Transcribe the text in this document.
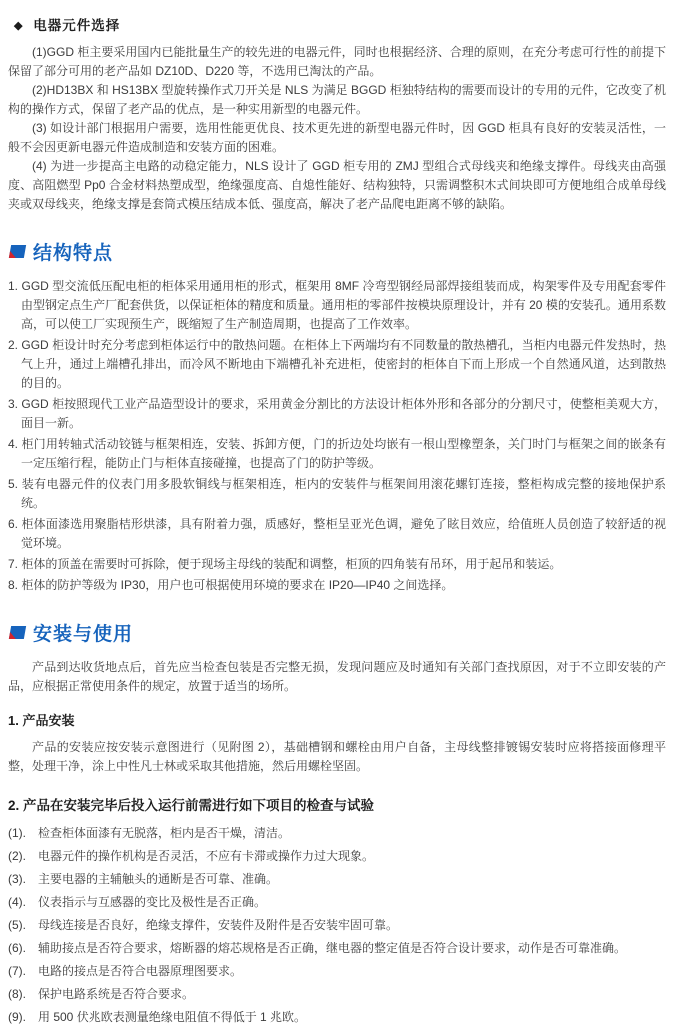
◆ 电器元件选择

(1)GGD 柜主要采用国内已能批量生产的较先进的电器元件，同时也根据经济、合理的原则，在充分考虑可行性的前提下保留了部分可用的老产品如 DZ10D、D220 等，不选用已淘汰的产品。

(2)HD13BX 和 HS13BX 型旋转操作式刀开关是 NLS 为满足 BGGD 柜独特结构的需要而设计的专用的元件，它改变了机构的操作方式，保留了老产品的优点，是一种实用新型的电器元件。

(3) 如设计部门根据用户需要，选用性能更优良、技术更先进的新型电器元件时，因 GGD 柜具有良好的安装灵活性，一般不会因更新电器元件造成制造和安装方面的困难。

(4) 为进一步提高主电路的动稳定能力，NLS 设计了 GGD 柜专用的 ZMJ 型组合式母线夹和绝缘支撑件。母线夹由高强度、高阻燃型 Pp0 合金材料热塑成型，绝缘强度高、自熄性能好、结构独特，只需调整积木式间块即可方便地组合成单母线夹或双母线夹，绝缘支撑是套筒式模压结成本低、强度高，解决了老产品爬电距离不够的缺陷。

结构特点

1. GGD 型交流低压配电柜的柜体采用通用柜的形式，框架用 8MF 冷弯型钢经局部焊接组装而成，构架零件及专用配套零件由型钢定点生产厂配套供货，以保证柜体的精度和质量。通用柜的零部件按模块原理设计，并有 20 模的安装孔。通用系数高，可以使工厂实现预生产，既缩短了生产制造周期，也提高了工作效率。

2. GGD 柜设计时充分考虑到柜体运行中的散热问题。在柜体上下两端均有不同数量的散热槽孔，当柜内电器元件发热时，热气上升，通过上端槽孔排出，而冷风不断地由下端槽孔补充进柜，使密封的柜体自下而上形成一个自然通风道，达到散热的目的。

3. GGD 柜按照现代工业产品造型设计的要求，采用黄金分割比的方法设计柜体外形和各部分的分割尺寸，使整柜美观大方，面目一新。

4. 柜门用转轴式活动铰链与框架相连，安装、拆卸方便，门的折边处均嵌有一根山型橡塑条，关门时门与框架之间的嵌条有一定压缩行程，能防止门与柜体直接碰撞，也提高了门的防护等级。

5. 装有电器元件的仪表门用多股软铜线与框架相连，柜内的安装件与框架间用滚花螺钉连接，整柜构成完整的接地保护系统。

6. 柜体面漆选用聚脂桔形烘漆，具有附着力强，质感好，整柜呈亚光色调，避免了眩目效应，给值班人员创造了较舒适的视觉环境。

7. 柜体的顶盖在需要时可拆除，便于现场主母线的装配和调整，柜顶的四角装有吊环，用于起吊和装运。

8. 柜体的防护等级为 IP30，用户也可根据使用环境的要求在 IP20—IP40 之间选择。

安装与使用

产品到达收货地点后，首先应当检查包装是否完整无损，发现问题应及时通知有关部门查找原因，对于不立即安装的产品，应根据正常使用条件的规定，放置于适当的场所。

1. 产品安装

产品的安装应按安装示意图进行（见附图 2），基础槽钢和螺栓由用户自备，主母线整排镀锡安装时应将搭接面修理平整，处理干净，涂上中性凡士林或采取其他措施，然后用螺栓坚固。

2. 产品在安装完毕后投入运行前需进行如下项目的检查与试验
(1).	检查柜体面漆有无脱落，柜内是否干燥，清洁。
(2).	电器元件的操作机构是否灵活，不应有卡滞或操作力过大现象。
(3).	主要电器的主辅触头的通断是否可靠、准确。
(4).	仪表指示与互感器的变比及极性是否正确。
(5).	母线连接是否良好，绝缘支撑件，安装件及附件是否安装牢固可靠。
(6).	辅助接点是否符合要求，熔断器的熔芯规格是否正确，继电器的整定值是否符合设计要求，动作是否可靠准确。
(7).	电路的接点是否符合电器原理图要求。
(8).	保护电路系统是否符合要求。
(9).	用 500 伏兆欧表测量绝缘电阻值不得低于 1 兆欧。
